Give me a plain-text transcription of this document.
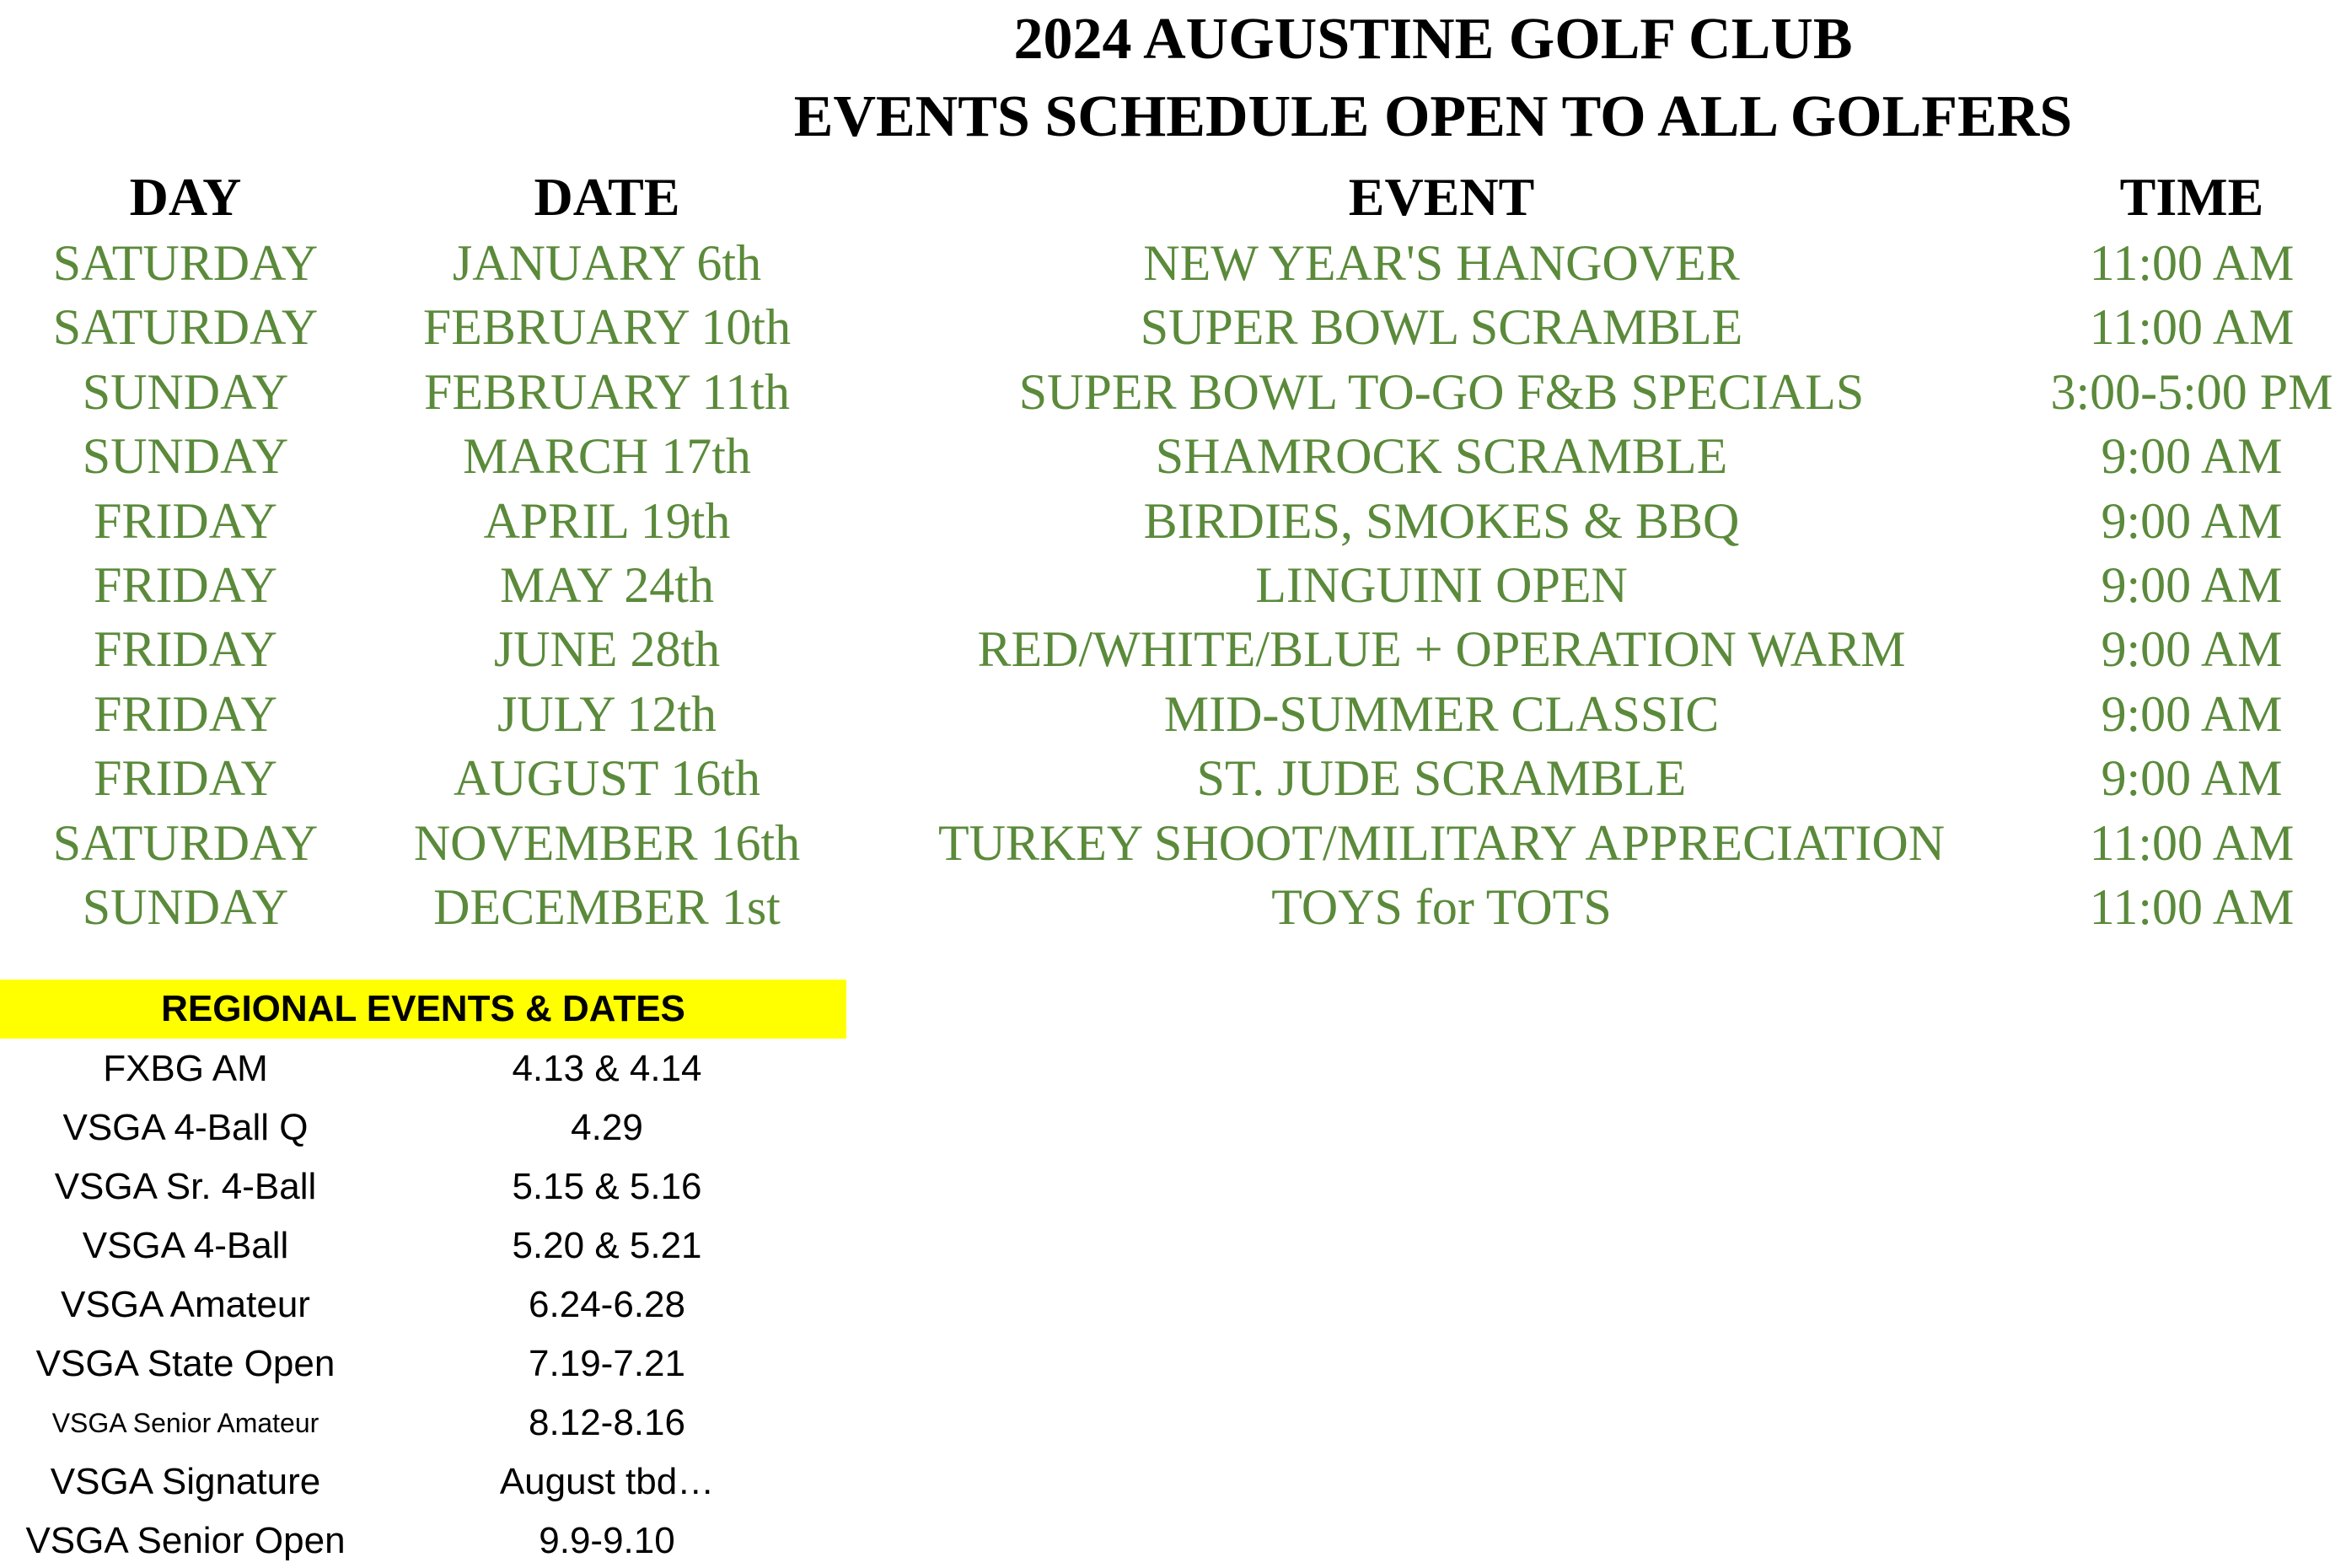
2024 AUGUSTINE GOLF CLUB
EVENTS SCHEDULE OPEN TO ALL GOLFERS
DAY	DATE	EVENT	TIME
SATURDAY	JANUARY 6th	NEW YEAR'S HANGOVER	11:00 AM
SATURDAY	FEBRUARY 10th	SUPER BOWL SCRAMBLE	11:00 AM
SUNDAY	FEBRUARY 11th	SUPER BOWL TO-GO F&B SPECIALS	3:00-5:00 PM
SUNDAY	MARCH 17th	SHAMROCK SCRAMBLE	9:00 AM
FRIDAY	APRIL 19th	BIRDIES, SMOKES & BBQ	9:00 AM
FRIDAY	MAY 24th	LINGUINI OPEN	9:00 AM
FRIDAY	JUNE 28th	RED/WHITE/BLUE + OPERATION WARM	9:00 AM
FRIDAY	JULY 12th	MID-SUMMER CLASSIC	9:00 AM
FRIDAY	AUGUST 16th	ST. JUDE SCRAMBLE	9:00 AM
SATURDAY	NOVEMBER 16th	TURKEY SHOOT/MILITARY APPRECIATION	11:00 AM
SUNDAY	DECEMBER 1st	TOYS for TOTS	11:00 AM
REGIONAL EVENTS & DATES
FXBG AM	4.13 & 4.14
VSGA 4-Ball Q	4.29
VSGA Sr. 4-Ball	5.15 & 5.16
VSGA 4-Ball	5.20 & 5.21
VSGA Amateur	6.24-6.28
VSGA State Open	7.19-7.21
VSGA Senior Amateur	8.12-8.16
VSGA Signature	August tbd…
VSGA Senior Open	9.9-9.10
